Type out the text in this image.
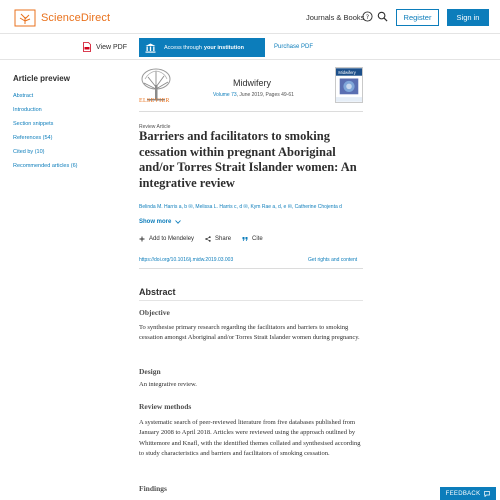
ScienceDirect	Journals & Books ?	Register	Sign in
View PDF	Access through your institution	Purchase PDF
Article preview
Abstract
Introduction
Section snippets
References (54)
Cited by (10)
Recommended articles (6)
ELSEVIER
Midwifery
Volume 73, June 2019, Pages 49-61
Midwifery
Review Article
Barriers and facilitators to smoking cessation within pregnant Aboriginal and/or Torres Strait Islander women: An integrative review
Belinda M. Harris a, b ✉, Melissa L. Harris c, d ✉, Kym Rae a, d, e ✉, Catherine Chojenta d
Show more
Add to Mendeley	Share	Cite
https://doi.org/10.1016/j.midw.2019.03.003	Get rights and content
Abstract
Objective

To synthesise primary research regarding the facilitators and barriers to smoking cessation amongst Aboriginal and/or Torres Strait Islander women during pregnancy.

Design

An integrative review.

Review methods

A systematic search of peer-reviewed literature from five databases published from January 2008 to April 2018. Articles were reviewed using the approach outlined by Whittemore and Knafl, with the identified themes collated and synthesised according to study characteristics and barriers and facilitators of smoking cessation.

Findings
FEEDBACK
